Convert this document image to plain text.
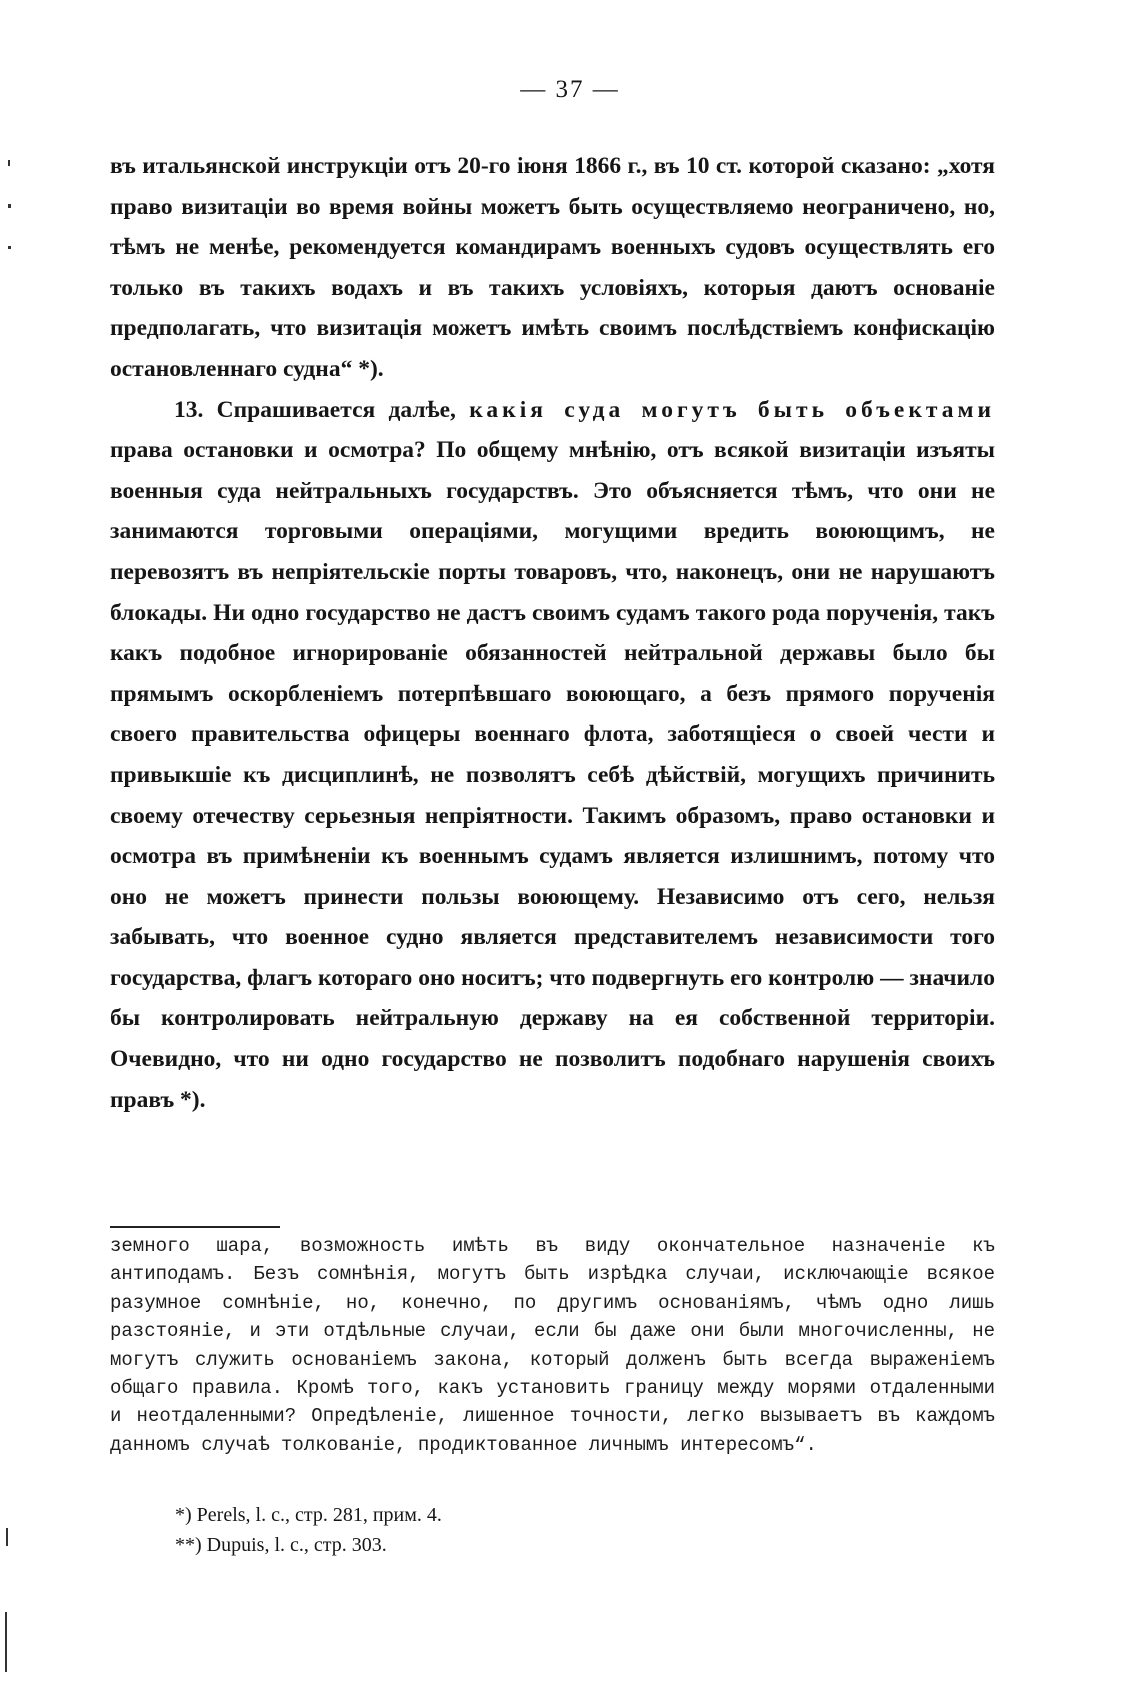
— 37 —

въ итальянской инструкціи отъ 20-го іюня 1866 г., въ 10 ст. которой сказано: „хотя право визитаціи во время войны можетъ быть осуществляемо неограничено, но, тѣмъ не менѣе, рекомендуется командирамъ военныхъ судовъ осуществлять его только въ такихъ водахъ и въ такихъ условіяхъ, которыя даютъ основаніе предполагать, что визитація можетъ имѣть своимъ послѣдствіемъ конфискацію остановленнаго судна“ *).

13. Спрашивается далѣе, какія суда могутъ быть объектами права остановки и осмотра? По общему мнѣнію, отъ всякой визитаціи изъяты военныя суда нейтральныхъ государствъ. Это объясняется тѣмъ, что они не занимаются торговыми операціями, могущими вредить воюющимъ, не перевозятъ въ непріятельскіе порты товаровъ, что, наконецъ, они не нарушаютъ блокады. Ни одно государство не дастъ своимъ судамъ такого рода порученія, такъ какъ подобное игнорированіе обязанностей нейтральной державы было бы прямымъ оскорбленіемъ потерпѣвшаго воюющаго, а безъ прямого порученія своего правительства офицеры военнаго флота, заботящіеся о своей чести и привыкшіе къ дисциплинѣ, не позволятъ себѣ дѣйствій, могущихъ причинить своему отечеству серьезныя непріятности. Такимъ образомъ, право остановки и осмотра въ примѣненіи къ военнымъ судамъ является излишнимъ, потому что оно не можетъ принести пользы воюющему. Независимо отъ сего, нельзя забывать, что военное судно является представителемъ независимости того государства, флагъ котораго оно носитъ; что подвергнуть его контролю — значило бы контролировать нейтральную державу на ея собственной территоріи. Очевидно, что ни одно государство не позволитъ подобнаго нарушенія своихъ правъ *).

земного шара, возможность имѣть въ виду окончательное назначеніе къ антиподамъ. Безъ сомнѣнія, могутъ быть изрѣдка случаи, исключающіе всякое разумное сомнѣніе, но, конечно, по другимъ основаніямъ, чѣмъ одно лишь разстояніе, и эти отдѣльные случаи, если бы даже они были многочисленны, не могутъ служить основаніемъ закона, который долженъ быть всегда выраженіемъ общаго правила. Кромѣ того, какъ установить границу между морями отдаленными и неотдаленными? Опредѣленіе, лишенное точности, легко вызываетъ въ каждомъ данномъ случаѣ толкованіе, продиктованное личнымъ интересомъ“.

*) Perels, l. c., стр. 281, прим. 4.
**) Dupuis, l. c., стр. 303.
